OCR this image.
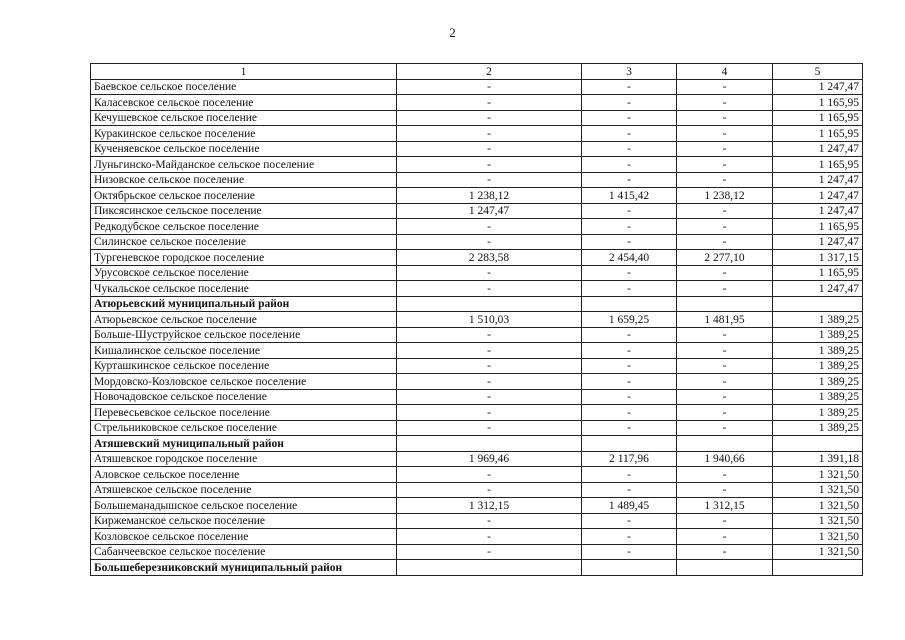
2
1	2	3	4	5
Баевское сельское поселение	-	-	-	1 247,47
Каласевское сельское поселение	-	-	-	1 165,95
Кечушевское сельское поселение	-	-	-	1 165,95
Куракинское сельское поселение	-	-	-	1 165,95
Кученяевское сельское поселение	-	-	-	1 247,47
Луньгинско-Майданское сельское поселение	-	-	-	1 165,95
Низовское сельское поселение	-	-	-	1 247,47
Октябрьское сельское поселение	1 238,12	1 415,42	1 238,12	1 247,47
Пиксясинское сельское поселение	1 247,47	-	-	1 247,47
Редкодубское сельское поселение	-	-	-	1 165,95
Силинское сельское поселение	-	-	-	1 247,47
Тургеневское городское поселение	2 283,58	2 454,40	2 277,10	1 317,15
Урусовское сельское поселение	-	-	-	1 165,95
Чукальское сельское поселение	-	-	-	1 247,47
Атюрьевский муниципальный район				
Атюрьевское сельское поселение	1 510,03	1 659,25	1 481,95	1 389,25
Больше-Шуструйское сельское поселение	-	-	-	1 389,25
Кишалинское сельское поселение	-	-	-	1 389,25
Курташкинское сельское поселение	-	-	-	1 389,25
Мордовско-Козловское сельское поселение	-	-	-	1 389,25
Новочадовское сельское поселение	-	-	-	1 389,25
Перевесьевское сельское поселение	-	-	-	1 389,25
Стрельниковское сельское поселение	-	-	-	1 389,25
Атяшевский муниципальный район				
Атяшевское городское поселение	1 969,46	2 117,96	1 940,66	1 391,18
Аловское сельское поселение	-	-	-	1 321,50
Атяшевское сельское поселение	-	-	-	1 321,50
Большеманадышское сельское поселение	1 312,15	1 489,45	1 312,15	1 321,50
Киржеманское сельское поселение	-	-	-	1 321,50
Козловское сельское поселение	-	-	-	1 321,50
Сабанчеевское сельское поселение	-	-	-	1 321,50
Большеберезниковский муниципальный район				
